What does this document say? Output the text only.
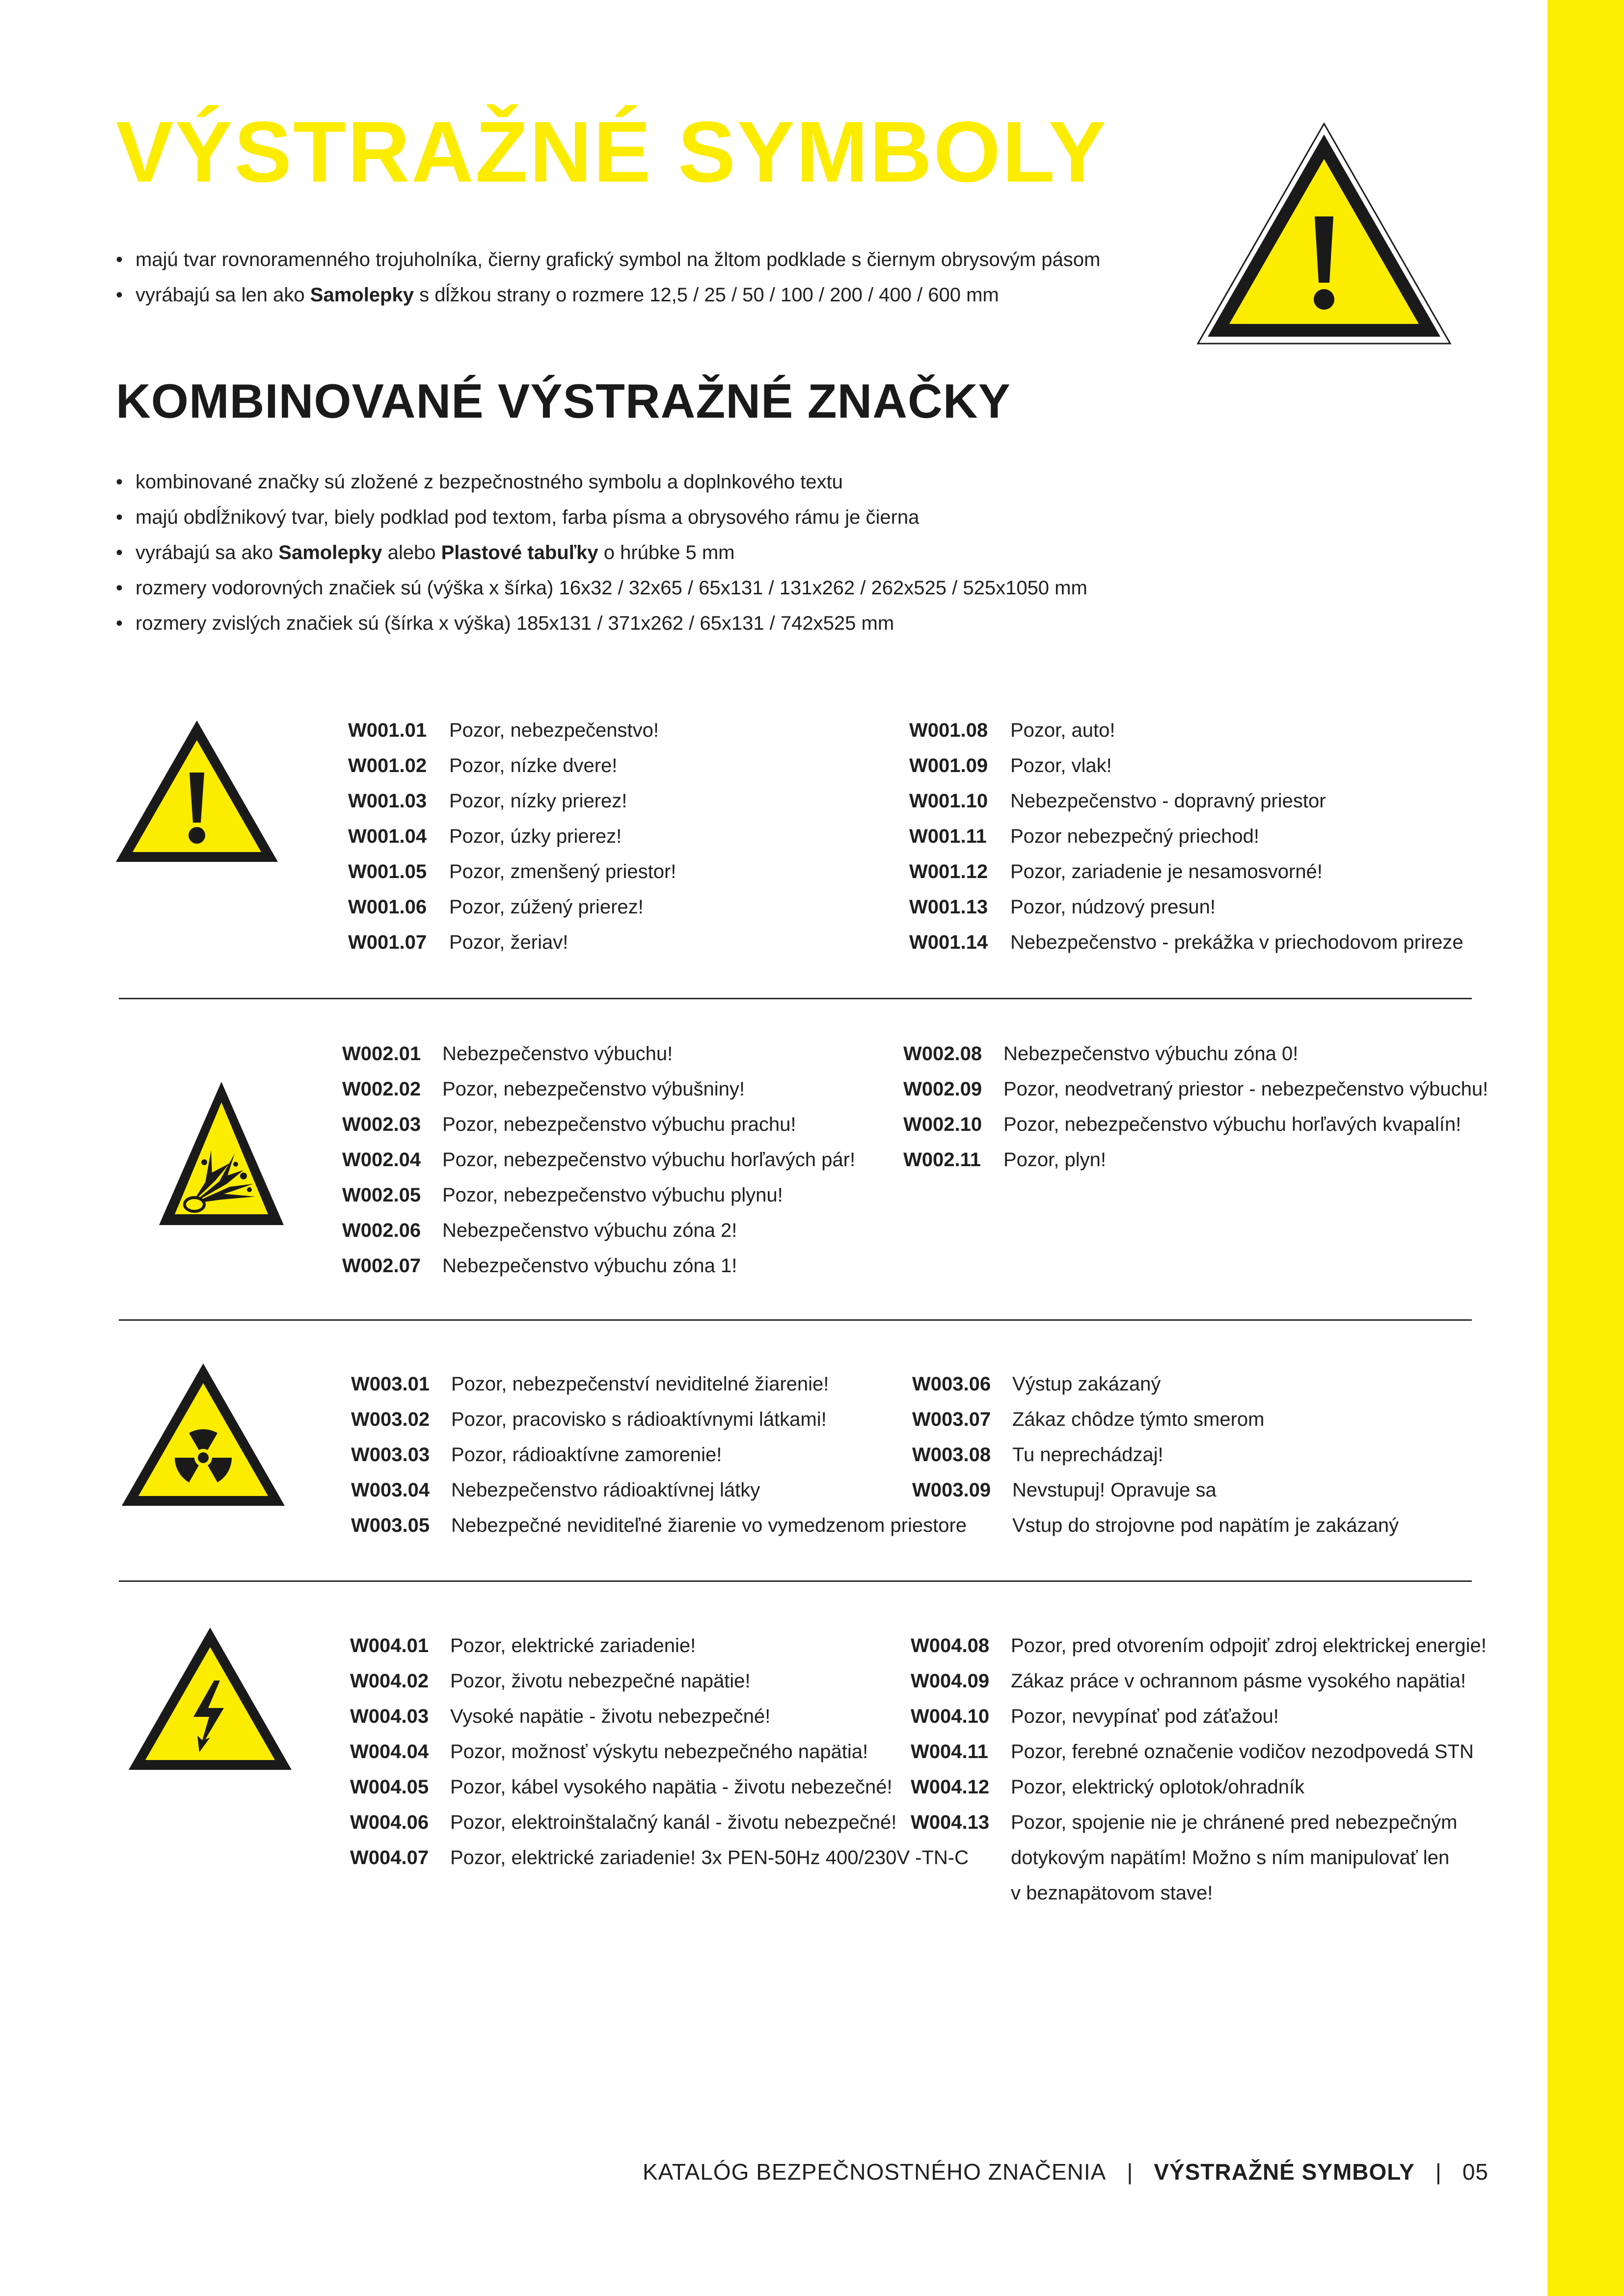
VÝSTRAŽNÉ SYMBOLY
• majú tvar rovnoramenného trojuholníka, čierny grafický symbol na žltom podklade s čiernym obrysovým pásom
• vyrábajú sa len ako Samolepky s dĺžkou strany o rozmere 12,5 / 25 / 50 / 100 / 200 / 400 / 600 mm
KOMBINOVANÉ VÝSTRAŽNÉ ZNAČKY
• kombinované značky sú zložené z bezpečnostného symbolu a doplnkového textu
• majú obdĺžnikový tvar, biely podklad pod textom, farba písma a obrysového rámu je čierna
• vyrábajú sa ako Samolepky alebo Plastové tabuľky o hrúbke 5 mm
• rozmery vodorovných značiek sú (výška x šírka) 16x32 / 32x65 / 65x131 / 131x262 / 262x525 / 525x1050 mm
• rozmery zvislých značiek sú (šírka x výška) 185x131 / 371x262 / 65x131 / 742x525 mm
W001.01 Pozor, nebezpečenstvo!
W001.02 Pozor, nízke dvere!
W001.03 Pozor, nízky prierez!
W001.04 Pozor, úzky prierez!
W001.05 Pozor, zmenšený priestor!
W001.06 Pozor, zúžený prierez!
W001.07 Pozor, žeriav!
W001.08 Pozor, auto!
W001.09 Pozor, vlak!
W001.10 Nebezpečenstvo - dopravný priestor
W001.11 Pozor nebezpečný priechod!
W001.12 Pozor, zariadenie je nesamosvorné!
W001.13 Pozor, núdzový presun!
W001.14 Nebezpečenstvo - prekážka v priechodovom prireze
W002.01 Nebezpečenstvo výbuchu!
W002.02 Pozor, nebezpečenstvo výbušniny!
W002.03 Pozor, nebezpečenstvo výbuchu prachu!
W002.04 Pozor, nebezpečenstvo výbuchu horľavých pár!
W002.05 Pozor, nebezpečenstvo výbuchu plynu!
W002.06 Nebezpečenstvo výbuchu zóna 2!
W002.07 Nebezpečenstvo výbuchu zóna 1!
W002.08 Nebezpečenstvo výbuchu zóna 0!
W002.09 Pozor, neodvetraný priestor - nebezpečenstvo výbuchu!
W002.10 Pozor, nebezpečenstvo výbuchu horľavých kvapalín!
W002.11 Pozor, plyn!
W003.01 Pozor, nebezpečenství neviditelné žiarenie!
W003.02 Pozor, pracovisko s rádioaktívnymi látkami!
W003.03 Pozor, rádioaktívne zamorenie!
W003.04 Nebezpečenstvo rádioaktívnej látky
W003.05 Nebezpečné neviditeľné žiarenie vo vymedzenom priestore
W003.06 Výstup zakázaný
W003.07 Zákaz chôdze týmto smerom
W003.08 Tu neprechádzaj!
W003.09 Nevstupuj! Opravuje sa
Vstup do strojovne pod napätím je zakázaný
W004.01 Pozor, elektrické zariadenie!
W004.02 Pozor, životu nebezpečné napätie!
W004.03 Vysoké napätie - životu nebezpečné!
W004.04 Pozor, možnosť výskytu nebezpečného napätia!
W004.05 Pozor, kábel vysokého napätia - životu nebezečné!
W004.06 Pozor, elektroinštalačný kanál - životu nebezpečné!
W004.07 Pozor, elektrické zariadenie! 3x PEN-50Hz 400/230V -TN-C
W004.08 Pozor, pred otvorením odpojiť zdroj elektrickej energie!
W004.09 Zákaz práce v ochrannom pásme vysokého napätia!
W004.10 Pozor, nevypínať pod záťažou!
W004.11 Pozor, ferebné označenie vodičov nezodpovedá STN
W004.12 Pozor, elektrický oplotok/ohradník
W004.13 Pozor, spojenie nie je chránené pred nebezpečným
dotykovým napätím! Možno s ním manipulovať len
v beznapätovom stave!
KATALÓG BEZPEČNOSTNÉHO ZNAČENIA | VÝSTRAŽNÉ SYMBOLY | 05
